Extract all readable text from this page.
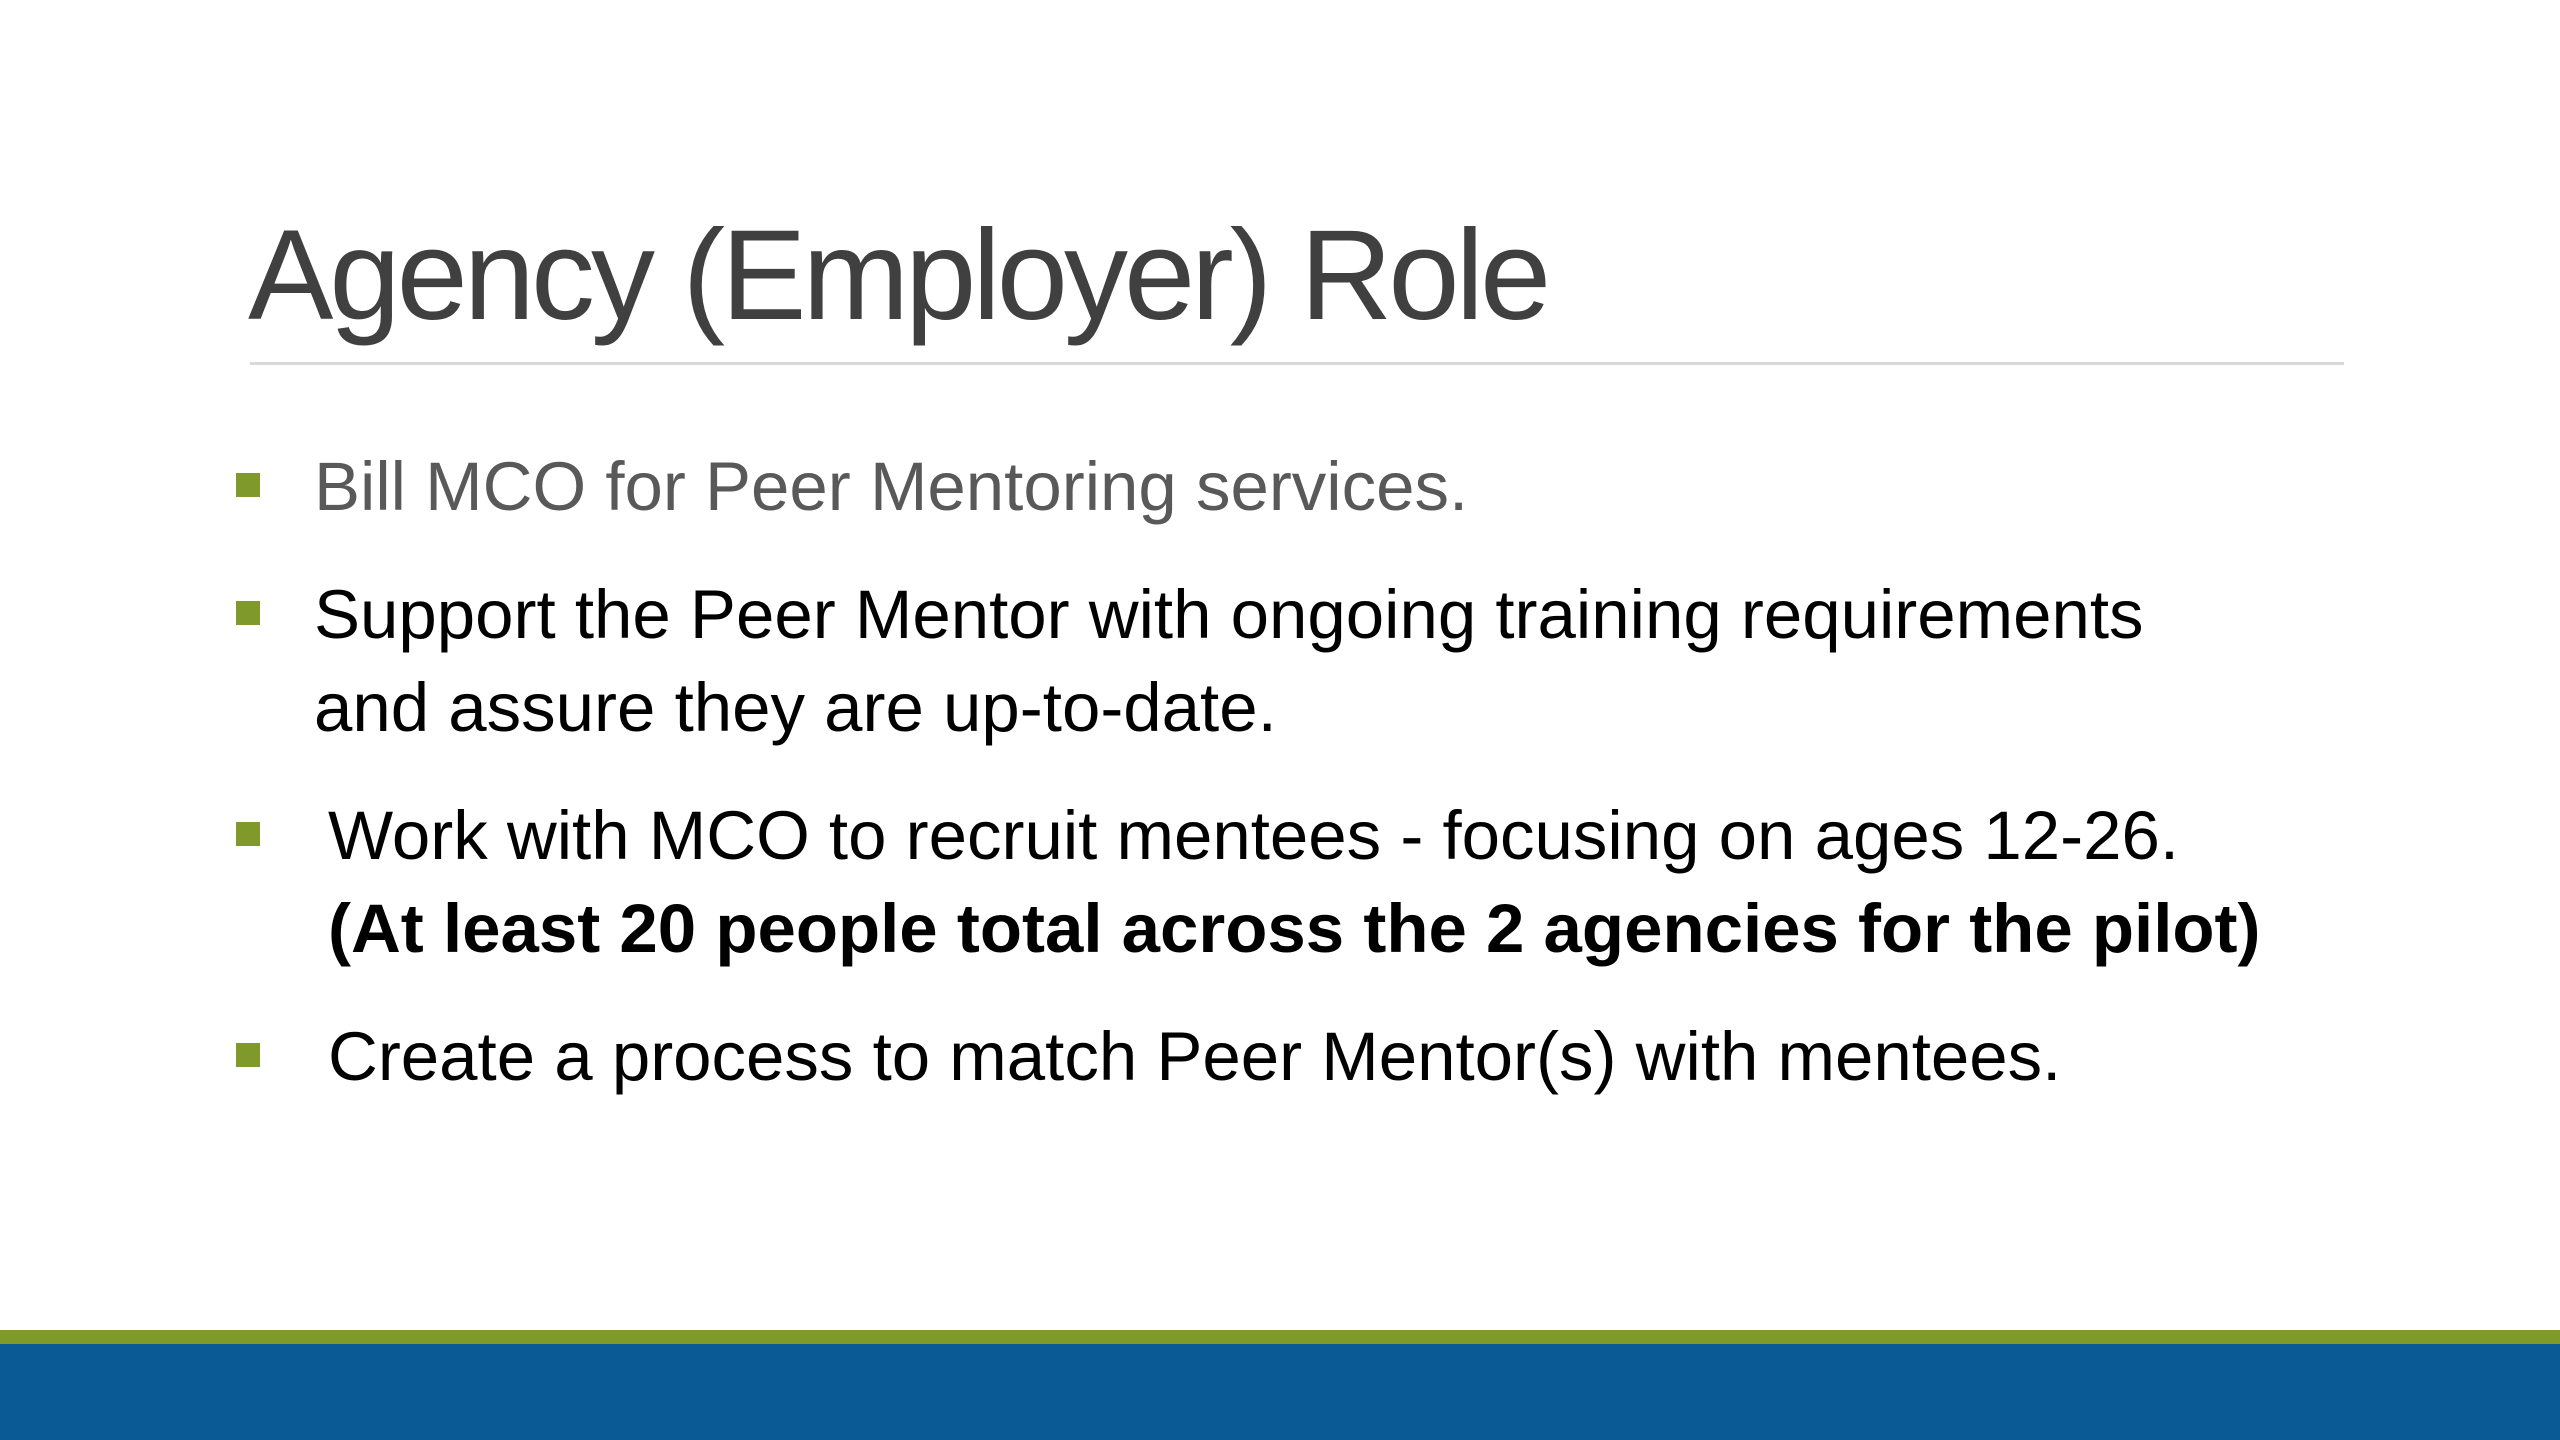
Agency (Employer) Role
Bill MCO for Peer Mentoring services.
Support the Peer Mentor with ongoing training requirements
and assure they are up-to-date.
Work with MCO to recruit mentees - focusing on ages 12-26.
(At least 20 people total across the 2 agencies for the pilot)
Create a process to match Peer Mentor(s) with mentees.
